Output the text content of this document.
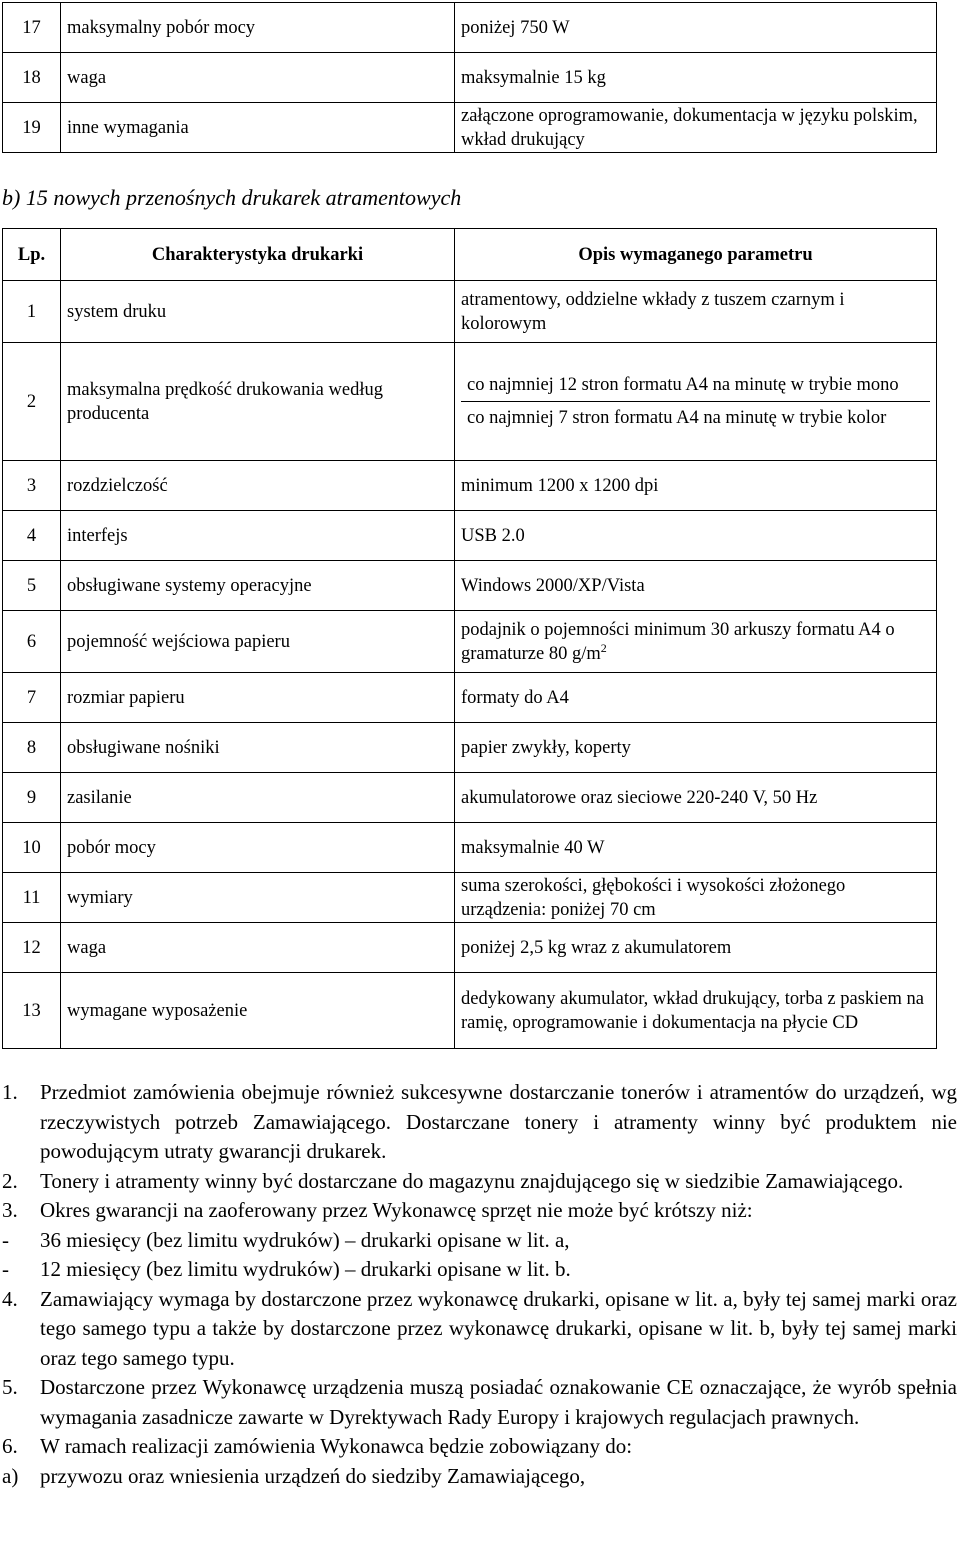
17	maksymalny pobór mocy	poniżej 750 W
18	waga	maksymalnie 15 kg
19	inne wymagania	załączone oprogramowanie, dokumentacja w języku polskim, wkład drukujący
b) 15 nowych przenośnych drukarek atramentowych
Lp.	Charakterystyka drukarki	Opis wymaganego parametru
1	system druku	atramentowy, oddzielne wkłady z tuszem czarnym i kolorowym
2	maksymalna prędkość drukowania według producenta	co najmniej 12 stron formatu A4 na minutę w trybie mono
co najmniej 7 stron formatu A4 na minutę w trybie kolor

3	rozdzielczość	minimum 1200 x 1200 dpi
4	interfejs	USB 2.0
5	obsługiwane systemy operacyjne	Windows 2000/XP/Vista
6	pojemność wejściowa papieru	podajnik o pojemności minimum 30 arkuszy formatu A4 o gramaturze 80 $g/m^2$
7	rozmiar papieru	formaty do A4
8	obsługiwane nośniki	papier zwykły, koperty
9	zasilanie	akumulatorowe oraz sieciowe 220-240 V, 50 Hz
10	pobór mocy	maksymalnie 40 W
11	wymiary	suma szerokości, głębokości i wysokości złożonego urządzenia: poniżej 70 cm
12	waga	poniżej 2,5 kg wraz z akumulatorem
13	wymagane wyposażenie	dedykowany akumulator, wkład drukujący, torba z paskiem na ramię, oprogramowanie i dokumentacja na płycie CD
1.	Przedmiot zamówienia obejmuje również sukcesywne dostarczanie tonerów i atramentów do urządzeń, wg rzeczywistych potrzeb Zamawiającego. Dostarczane tonery i atramenty winny być produktem nie powodującym utraty gwarancji drukarek.
2.	Tonery i atramenty winny być dostarczane do magazynu znajdującego się w siedzibie Zamawiającego.
3.	Okres gwarancji na zaoferowany przez Wykonawcę sprzęt nie może być krótszy niż:
-	36 miesięcy (bez limitu wydruków) – drukarki opisane w lit. a,
-	12 miesięcy (bez limitu wydruków) – drukarki opisane w lit. b.
4.	Zamawiający wymaga by dostarczone przez wykonawcę drukarki, opisane w lit. a, były tej samej marki oraz tego samego typu a także by dostarczone przez wykonawcę drukarki, opisane w lit. b, były tej samej marki oraz tego samego typu.
5.	Dostarczone przez Wykonawcę urządzenia muszą posiadać oznakowanie CE oznaczające, że wyrób spełnia wymagania zasadnicze zawarte w Dyrektywach Rady Europy i krajowych regulacjach prawnych.
6.	W ramach realizacji zamówienia Wykonawca będzie zobowiązany do:
a)	przywozu oraz wniesienia urządzeń do siedziby Zamawiającego,
